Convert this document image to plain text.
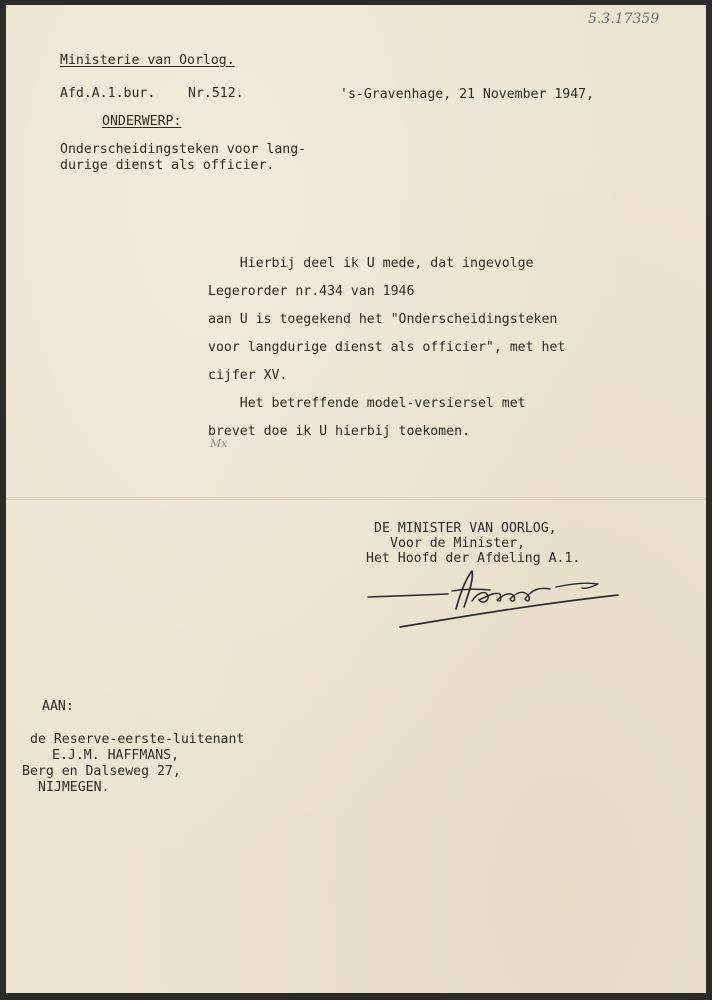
5.3.17359
Ministerie van Oorlog.
Afd.A.1.bur. Nr.512.	's-Gravenhage, 21 November 1947,
ONDERWERP:
Onderscheidingsteken voor lang-
durige dienst als officier.
Hierbij deel ik U mede, dat ingevolge
Legerorder nr.434 van 1946
aan U is toegekend het "Onderscheidingsteken
voor langdurige dienst als officier", met het
cijfer XV.
Het betreffende model-versiersel met
brevet doe ik U hierbij toekomen.
Mx
DE MINISTER VAN OORLOG,
Voor de Minister,
Het Hoofd der Afdeling A.1.
AAN:
de Reserve-eerste-luitenant
E.J.M. HAFFMANS,
Berg en Dalseweg 27,
NIJMEGEN.
